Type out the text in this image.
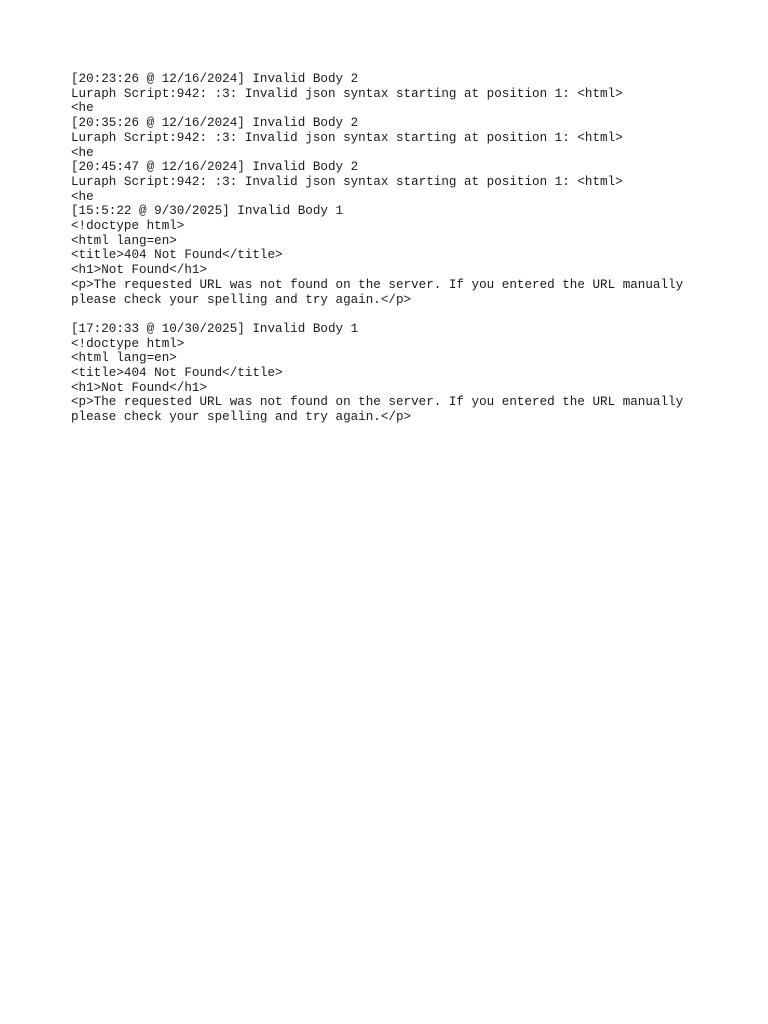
[20:23:26 @ 12/16/2024] Invalid Body 2
Luraph Script:942: :3: Invalid json syntax starting at position 1: <html>
<he
[20:35:26 @ 12/16/2024] Invalid Body 2
Luraph Script:942: :3: Invalid json syntax starting at position 1: <html>
<he
[20:45:47 @ 12/16/2024] Invalid Body 2
Luraph Script:942: :3: Invalid json syntax starting at position 1: <html>
<he
[15:5:22 @ 9/30/2025] Invalid Body 1
<!doctype html>
<html lang=en>
<title>404 Not Found</title>
<h1>Not Found</h1>
<p>The requested URL was not found on the server. If you entered the URL manually
please check your spelling and try again.</p>
[17:20:33 @ 10/30/2025] Invalid Body 1
<!doctype html>
<html lang=en>
<title>404 Not Found</title>
<h1>Not Found</h1>
<p>The requested URL was not found on the server. If you entered the URL manually
please check your spelling and try again.</p>
